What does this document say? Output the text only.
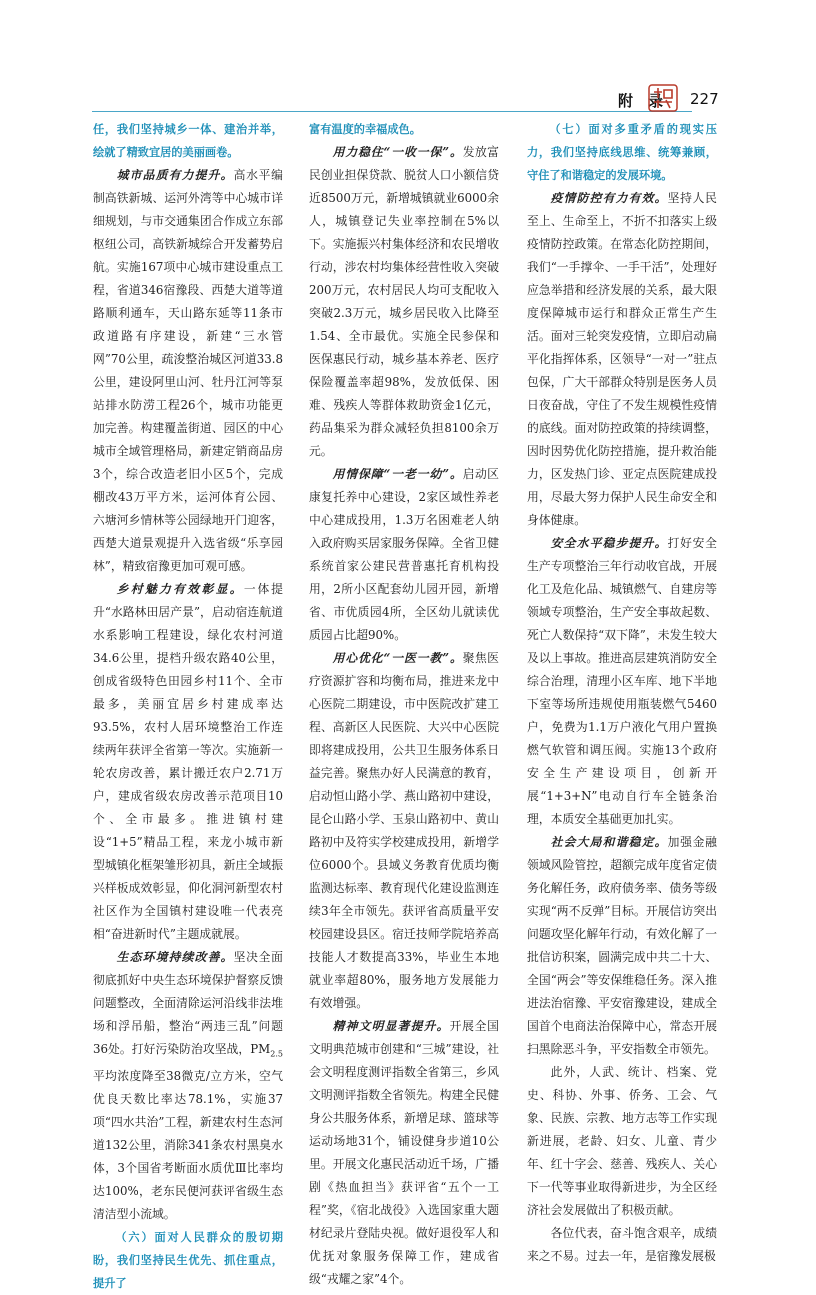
附　录 227

任，我们坚持城乡一体、建治并举，绘就了精致宜居的美丽画卷。

城市品质有力提升。高水平编制高铁新城、运河外湾等中心城市详细规划，与市交通集团合作成立东部枢纽公司，高铁新城综合开发蓄势启航。实施167项中心城市建设重点工程，省道346宿豫段、西楚大道等道路顺利通车，天山路东延等11条市政道路有序建设，新建“三水管网”70公里，疏浚整治城区河道33.8公里，建设阿里山河、牡丹江河等泵站排水防涝工程26个，城市功能更加完善。构建覆盖街道、园区的中心城市全域管理格局，新建定销商品房3个，综合改造老旧小区5个，完成棚改43万平方米，运河体育公园、六塘河乡情林等公园绿地开门迎客，西楚大道景观提升入选省级“乐享园林”，精致宿豫更加可观可感。

乡村魅力有效彰显。一体提升“水路林田居产景”，启动宿连航道水系影响工程建设，绿化农村河道34.6公里，提档升级农路40公里，创成省级特色田园乡村11个、全市最多，美丽宜居乡村建成率达93.5%，农村人居环境整治工作连续两年获评全省第一等次。实施新一轮农房改善，累计搬迁农户2.71万户，建成省级农房改善示范项目10个、全市最多。推进镇村建设“1+5”精品工程，来龙小城市新型城镇化框架雏形初具，新庄全域振兴样板成效彰显，仰化洞河新型农村社区作为全国镇村建设唯一代表亮相“奋进新时代”主题成就展。

生态环境持续改善。坚决全面彻底抓好中央生态环境保护督察反馈问题整改，全面清除运河沿线非法堆场和浮吊船，整治“两违三乱”问题36处。打好污染防治攻坚战，$PM_{2.5}$平均浓度降至38微克/立方米，空气优良天数比率达78.1%，实施37项“四水共治”工程，新建农村生态河道132公里，消除341条农村黑臭水体，3个国省考断面水质优Ⅲ比率均达100%，老东民便河获评省级生态清洁型小流域。

（六）面对人民群众的殷切期盼，我们坚持民生优先、抓住重点，提升了

富有温度的幸福成色。

用力稳住“一收一保”。发放富民创业担保贷款、脱贫人口小额信贷近8500万元，新增城镇就业6000余人，城镇登记失业率控制在5%以下。实施振兴村集体经济和农民增收行动，涉农村均集体经营性收入突破200万元，农村居民人均可支配收入突破2.3万元，城乡居民收入比降至1.54、全市最优。实施全民参保和医保惠民行动，城乡基本养老、医疗保险覆盖率超98%，发放低保、困难、残疾人等群体救助资金1亿元，药品集采为群众减轻负担8100余万元。

用情保障“一老一幼”。启动区康复托养中心建设，2家区域性养老中心建成投用，1.3万名困难老人纳入政府购买居家服务保障。全省卫健系统首家公建民营普惠托育机构投用，2所小区配套幼儿园开园，新增省、市优质园4所，全区幼儿就读优质园占比超90%。

用心优化“一医一教”。聚焦医疗资源扩容和均衡布局，推进来龙中心医院二期建设，市中医院改扩建工程、高新区人民医院、大兴中心医院即将建成投用，公共卫生服务体系日益完善。聚焦办好人民满意的教育，启动恒山路小学、燕山路初中建设，昆仑山路小学、玉泉山路初中、黄山路初中及符实学校建成投用，新增学位6000个。县域义务教育优质均衡监测达标率、教育现代化建设监测连续3年全市领先。获评省高质量平安校园建设县区。宿迁技师学院培养高技能人才数提高33%，毕业生本地就业率超80%，服务地方发展能力有效增强。

精神文明显著提升。开展全国文明典范城市创建和“三城”建设，社会文明程度测评指数全省第三，乡风文明测评指数全省领先。构建全民健身公共服务体系，新增足球、篮球等运动场地31个，铺设健身步道10公里。开展文化惠民活动近千场，广播剧《热血担当》获评省“五个一工程”奖，《宿北战役》入选国家重大题材纪录片登陆央视。做好退役军人和优抚对象服务保障工作，建成省级“戎耀之家”4个。

（七）面对多重矛盾的现实压力，我们坚持底线思维、统筹兼顾，守住了和谐稳定的发展环境。

疫情防控有力有效。坚持人民至上、生命至上，不折不扣落实上级疫情防控政策。在常态化防控期间，我们“一手撑伞、一手干活”，处理好应急举措和经济发展的关系，最大限度保障城市运行和群众正常生产生活。面对三轮突发疫情，立即启动扁平化指挥体系，区领导“一对一”驻点包保，广大干部群众特别是医务人员日夜奋战，守住了不发生规模性疫情的底线。面对防控政策的持续调整，因时因势优化防控措施，提升救治能力，区发热门诊、亚定点医院建成投用，尽最大努力保护人民生命安全和身体健康。

安全水平稳步提升。打好安全生产专项整治三年行动收官战，开展化工及危化品、城镇燃气、自建房等领域专项整治，生产安全事故起数、死亡人数保持“双下降”，未发生较大及以上事故。推进高层建筑消防安全综合治理，清理小区车库、地下半地下室等场所违规使用瓶装燃气5460户，免费为1.1万户液化气用户置换燃气软管和调压阀。实施13个政府安全生产建设项目，创新开展“1+3+N”电动自行车全链条治理，本质安全基础更加扎实。

社会大局和谐稳定。加强金融领域风险管控，超额完成年度省定债务化解任务，政府债务率、债务等级实现“两不反弹”目标。开展信访突出问题攻坚化解年行动，有效化解了一批信访积案，圆满完成中共二十大、全国“两会”等安保维稳任务。深入推进法治宿豫、平安宿豫建设，建成全国首个电商法治保障中心，常态开展扫黑除恶斗争，平安指数全市领先。

此外，人武、统计、档案、党史、科协、外事、侨务、工会、气象、民族、宗教、地方志等工作实现新进展，老龄、妇女、儿童、青少年、红十字会、慈善、残疾人、关心下一代等事业取得新进步，为全区经济社会发展做出了积极贡献。

各位代表，奋斗饱含艰辛，成绩来之不易。过去一年，是宿豫发展极
